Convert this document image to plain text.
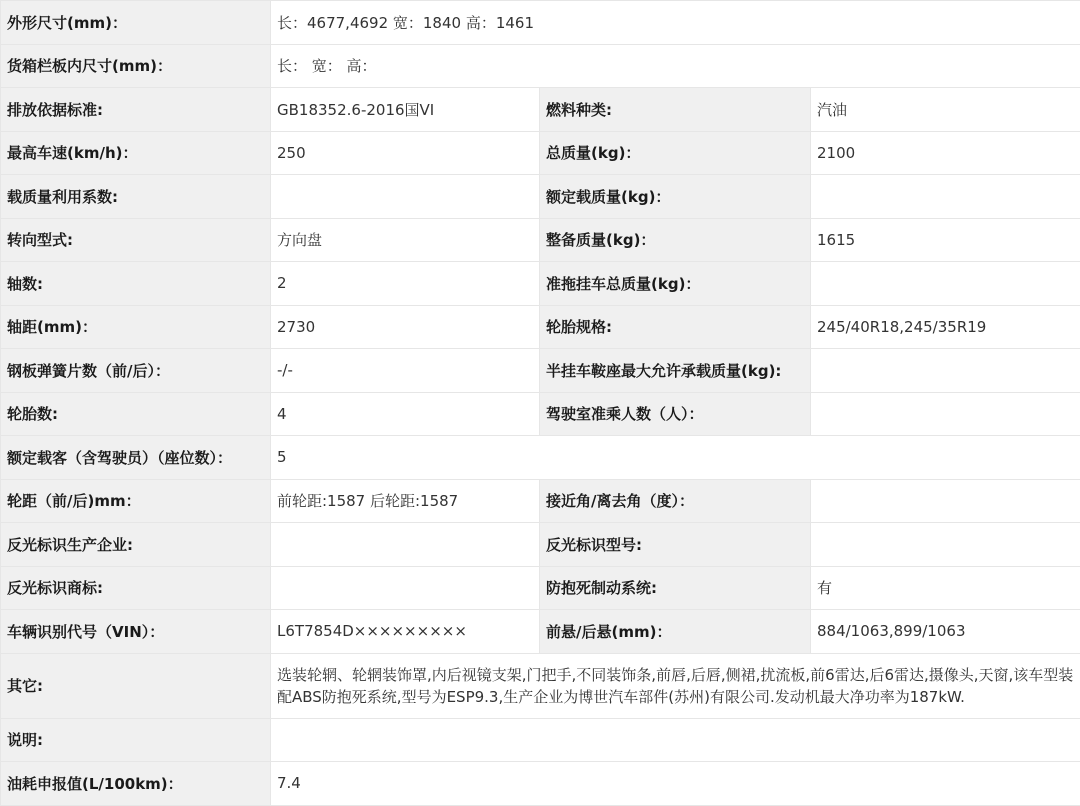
外形尺寸(mm)：	长：4677,4692 宽：1840 高：1461		
货箱栏板内尺寸(mm)：	长： 宽： 高：		
排放依据标准:	GB18352.6-2016国VI	燃料种类:	汽油
最高车速(km/h)：	250	总质量(kg)：	2100
载质量利用系数:		额定载质量(kg)：	
转向型式:	方向盘	整备质量(kg)：	1615
轴数:	2	准拖挂车总质量(kg)：	
轴距(mm)：	2730	轮胎规格:	245/40R18,245/35R19
钢板弹簧片数（前/后）：	-/-	半挂车鞍座最大允许承载质量(kg):	
轮胎数:	4	驾驶室准乘人数（人）：	
额定载客（含驾驶员）（座位数）：	5		
轮距（前/后)mm：	前轮距:1587 后轮距:1587	接近角/离去角（度）：	
反光标识生产企业:		反光标识型号:	
反光标识商标:		防抱死制动系统:	有
车辆识别代号（VIN）：	L6T7854D×××××××××	前悬/后悬(mm)：	884/1063,899/1063
其它:	选装轮辋、轮辋装饰罩,内后视镜支架,门把手,不同装饰条,前唇,后唇,侧裙,扰流板,前6雷达,后6雷达,摄像头,天窗,该车型装配ABS防抱死系统,型号为ESP9.3,生产企业为博世汽车部件(苏州)有限公司.发动机最大净功率为187kW.		
说明:			
油耗申报值(L/100km)：	7.4		
